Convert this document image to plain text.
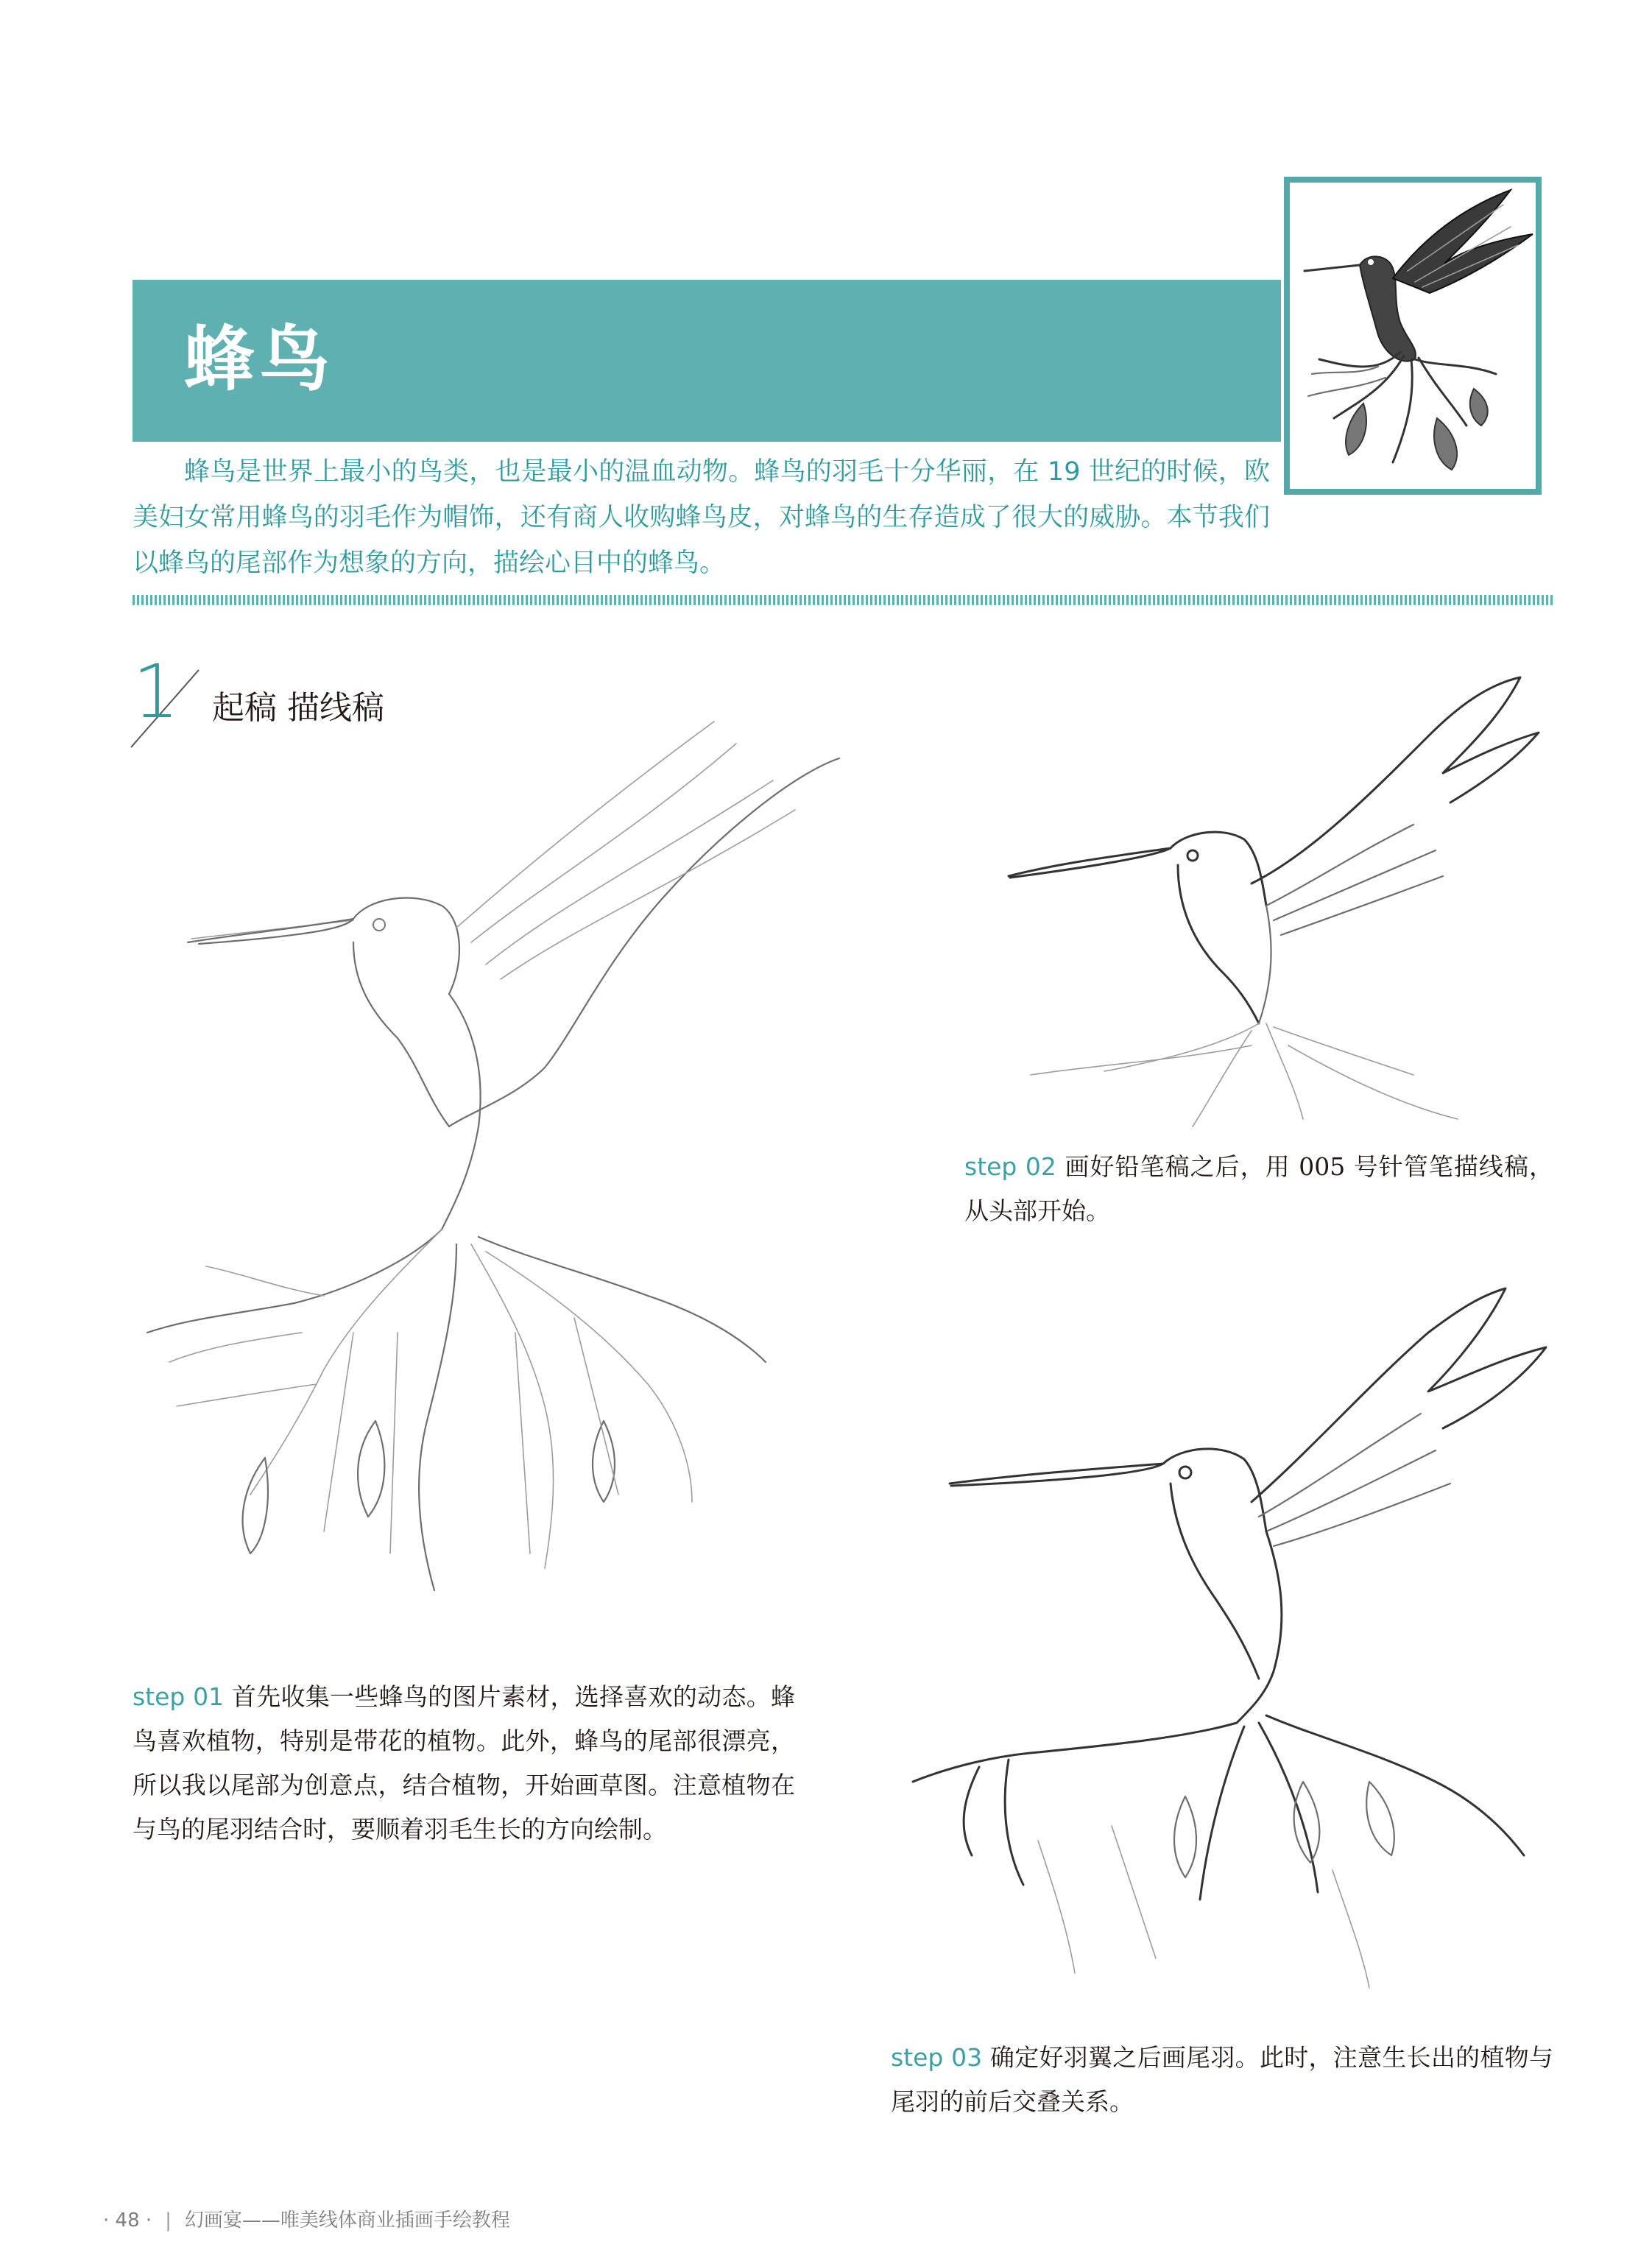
蜂鸟
蜂鸟是世界上最小的鸟类，也是最小的温血动物。蜂鸟的羽毛十分华丽，在 19 世纪的时候，欧美妇女常用蜂鸟的羽毛作为帽饰，还有商人收购蜂鸟皮，对蜂鸟的生存造成了很大的威胁。本节我们以蜂鸟的尾部作为想象的方向，描绘心目中的蜂鸟。
1 起稿 描线稿
step 01 首先收集一些蜂鸟的图片素材，选择喜欢的动态。蜂鸟喜欢植物，特别是带花的植物。此外，蜂鸟的尾部很漂亮，所以我以尾部为创意点，结合植物，开始画草图。注意植物在与鸟的尾羽结合时，要顺着羽毛生长的方向绘制。
step 02 画好铅笔稿之后，用 005 号针管笔描线稿，从头部开始。
step 03 确定好羽翼之后画尾羽。此时，注意生长出的植物与尾羽的前后交叠关系。
· 48 · | 幻画宴——唯美线体商业插画手绘教程
